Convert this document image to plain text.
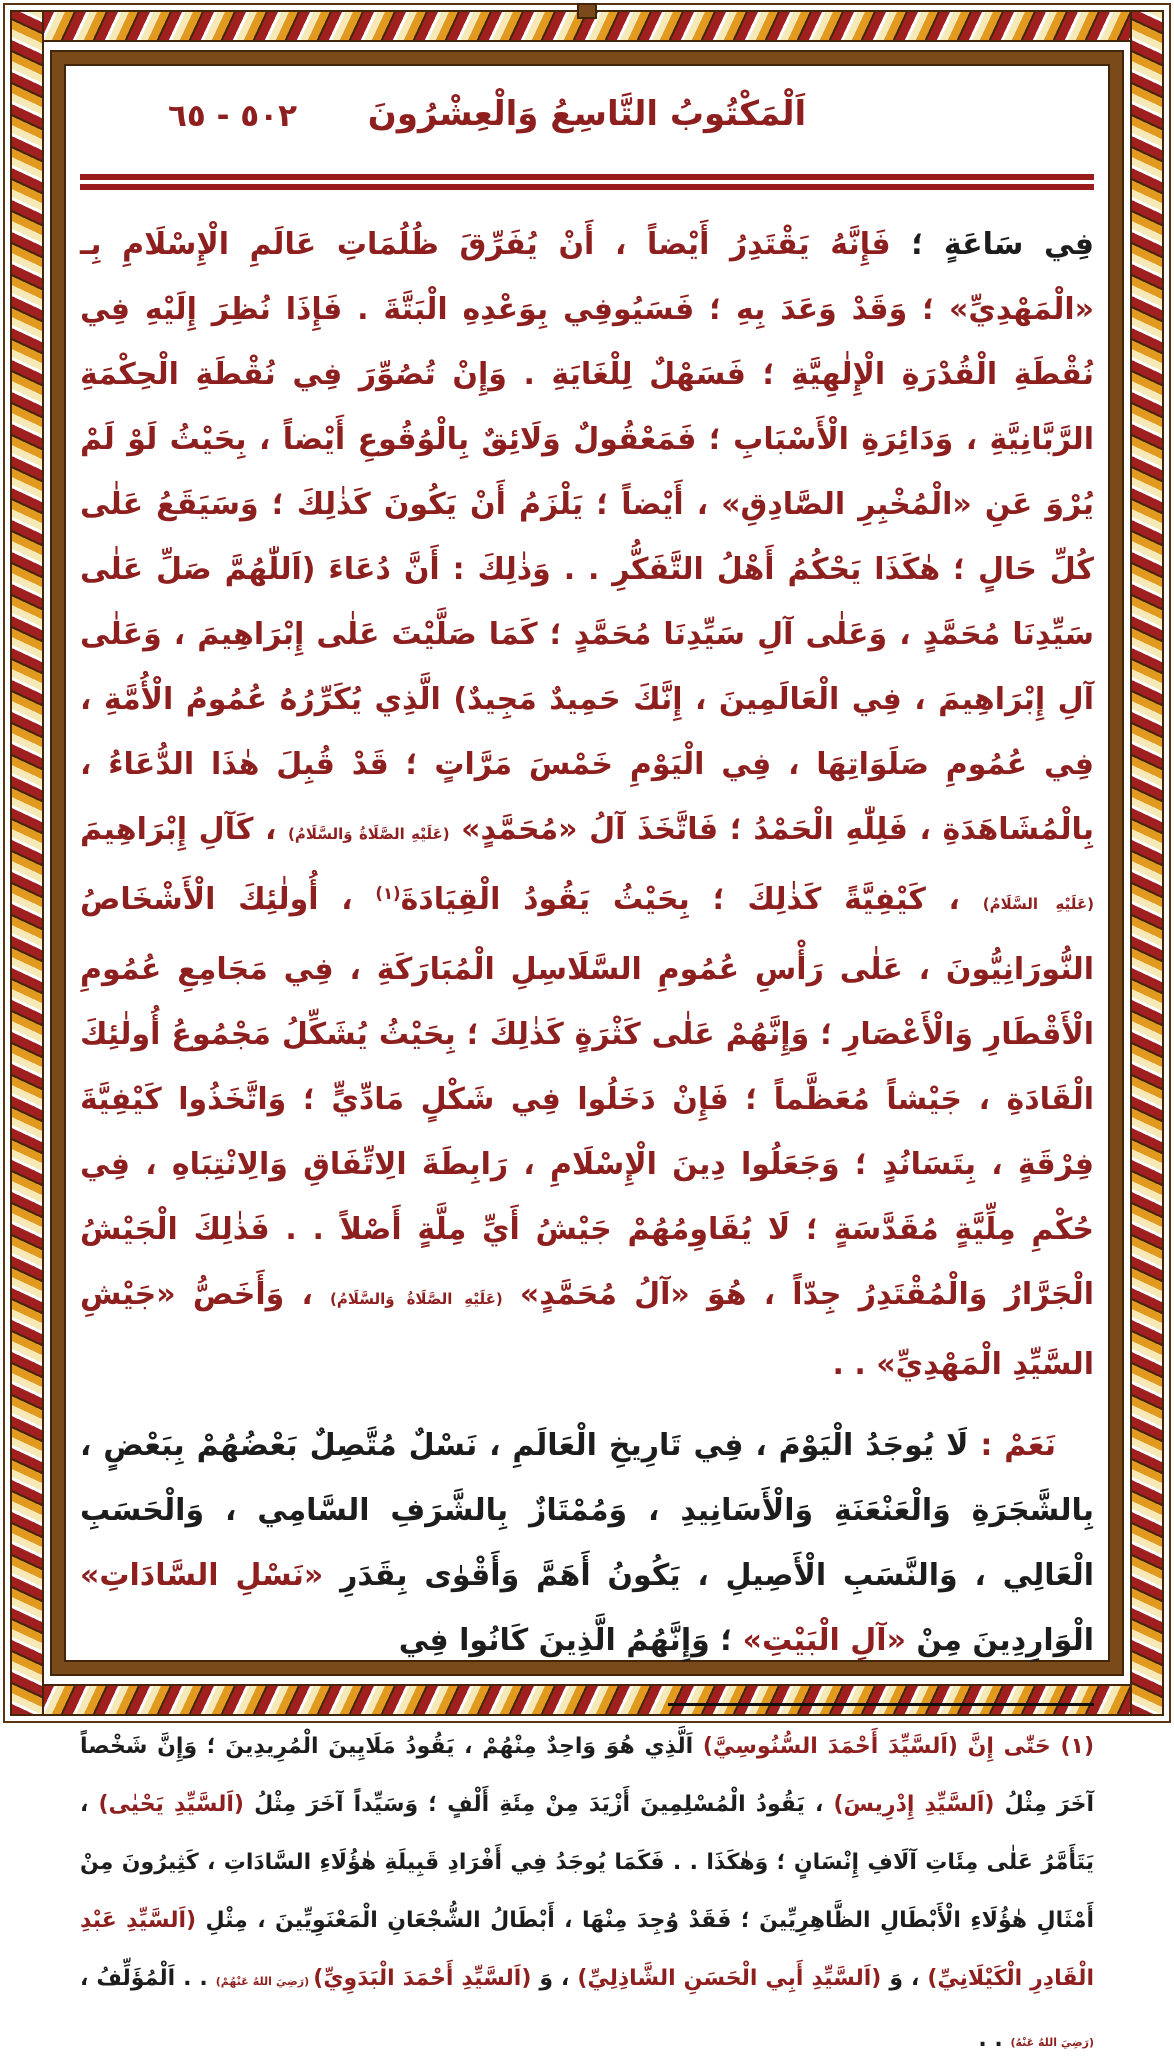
٥٠٢ - ٦٥	اَلْمَكْتُوبُ التَّاسِعُ وَالْعِشْرُونَ

فِي سَاعَةٍ ؛ فَإِنَّهُ يَقْتَدِرُ أَيْضاً ، أَنْ يُفَرِّقَ ظُلُمَاتِ عَالَمِ الْإِسْلَامِ بِـ «الْمَهْدِيِّ» ؛ وَقَدْ وَعَدَ بِهِ ؛ فَسَيُوفِي بِوَعْدِهِ الْبَتَّةَ . فَإِذَا نُظِرَ إِلَيْهِ فِي نُقْطَةِ الْقُدْرَةِ الْإِلٰهِيَّةِ ؛ فَسَهْلٌ لِلْغَايَةِ . وَإِنْ تُصُوِّرَ فِي نُقْطَةِ الْحِكْمَةِ الرَّبَّانِيَّةِ ، وَدَائِرَةِ الْأَسْبَابِ ؛ فَمَعْقُولٌ وَلَائِقٌ بِالْوُقُوعِ أَيْضاً ، بِحَيْثُ لَوْ لَمْ يُرْوَ عَنِ «الْمُخْبِرِ الصَّادِقِ» ، أَيْضاً ؛ يَلْزَمُ أَنْ يَكُونَ كَذٰلِكَ ؛ وَسَيَقَعُ عَلٰى كُلِّ حَالٍ ؛ هٰكَذَا يَحْكُمُ أَهْلُ التَّفَكُّرِ . . وَذٰلِكَ : أَنَّ دُعَاءَ (اَللّٰهُمَّ صَلِّ عَلٰى سَيِّدِنَا مُحَمَّدٍ ، وَعَلٰى آلِ سَيِّدِنَا مُحَمَّدٍ ؛ كَمَا صَلَّيْتَ عَلٰى إِبْرَاهِيمَ ، وَعَلٰى آلِ إِبْرَاهِيمَ ، فِي الْعَالَمِينَ ، إِنَّكَ حَمِيدٌ مَجِيدٌ) الَّذِي يُكَرِّرُهُ عُمُومُ الْأُمَّةِ ، فِي عُمُومِ صَلَوَاتِهَا ، فِي الْيَوْمِ خَمْسَ مَرَّاتٍ ؛ قَدْ قُبِلَ هٰذَا الدُّعَاءُ ، بِالْمُشَاهَدَةِ ، فَلِلّٰهِ الْحَمْدُ ؛ فَاتَّخَذَ آلُ «مُحَمَّدٍ» (عَلَيْهِ الصَّلَاةُ وَالسَّلَامُ) ، كَآلِ إِبْرَاهِيمَ (عَلَيْهِ السَّلَامُ) ، كَيْفِيَّةً كَذٰلِكَ ؛ بِحَيْثُ يَقُودُ الْقِيَادَةَ$^{(١)}$ ، أُولٰئِكَ الْأَشْخَاصُ النُّورَانِيُّونَ ، عَلٰى رَأْسِ عُمُومِ السَّلَاسِلِ الْمُبَارَكَةِ ، فِي مَجَامِعِ عُمُومِ الْأَقْطَارِ وَالْأَعْصَارِ ؛ وَإِنَّهُمْ عَلٰى كَثْرَةٍ كَذٰلِكَ ؛ بِحَيْثُ يُشَكِّلُ مَجْمُوعُ أُولٰئِكَ الْقَادَةِ ، جَيْشاً مُعَظَّماً ؛ فَإِنْ دَخَلُوا فِي شَكْلٍ مَادِّيٍّ ؛ وَاتَّخَذُوا كَيْفِيَّةَ فِرْقَةٍ ، بِتَسَانُدٍ ؛ وَجَعَلُوا دِينَ الْإِسْلَامِ ، رَابِطَةَ الِاتِّفَاقِ وَالِانْتِبَاهِ ، فِي حُكْمِ مِلِّيَّةٍ مُقَدَّسَةٍ ؛ لَا يُقَاوِمُهُمْ جَيْشُ أَيِّ مِلَّةٍ أَصْلاً . . فَذٰلِكَ الْجَيْشُ الْجَرَّارُ وَالْمُقْتَدِرُ جِدّاً ، هُوَ «آلُ مُحَمَّدٍ» (عَلَيْهِ الصَّلَاةُ وَالسَّلَامُ) ، وَأَخَصُّ «جَيْشِ السَّيِّدِ الْمَهْدِيِّ» . .

نَعَمْ : لَا يُوجَدُ الْيَوْمَ ، فِي تَارِيخِ الْعَالَمِ ، نَسْلٌ مُتَّصِلٌ بَعْضُهُمْ بِبَعْضٍ ، بِالشَّجَرَةِ وَالْعَنْعَنَةِ وَالْأَسَانِيدِ ، وَمُمْتَازٌ بِالشَّرَفِ السَّامِي ، وَالْحَسَبِ الْعَالِي ، وَالنَّسَبِ الْأَصِيلِ ، يَكُونُ أَهَمَّ وَأَقْوٰى بِقَدَرِ «نَسْلِ السَّادَاتِ» الْوَارِدِينَ مِنْ «آلِ الْبَيْتِ» ؛ وَإِنَّهُمُ الَّذِينَ كَانُوا فِي

(١) حَتّٰى إِنَّ (اَلسَّيِّدَ أَحْمَدَ السُّنُوسِيَّ) اَلَّذِي هُوَ وَاحِدٌ مِنْهُمْ ، يَقُودُ مَلَايِينَ الْمُرِيدِينَ ؛ وَإِنَّ شَخْصاً آخَرَ مِثْلُ (اَلسَّيِّدِ إِدْرِيسَ) ، يَقُودُ الْمُسْلِمِينَ أَزْيَدَ مِنْ مِئَةِ أَلْفٍ ؛ وَسَيِّداً آخَرَ مِثْلُ (اَلسَّيِّدِ يَحْيٰى) ، يَتَأَمَّرُ عَلٰى مِئَاتِ آلَافِ إِنْسَانٍ ؛ وَهٰكَذَا . . فَكَمَا يُوجَدُ فِي أَفْرَادِ قَبِيلَةِ هٰؤُلَاءِ السَّادَاتِ ، كَثِيرُونَ مِنْ أَمْثَالِ هٰؤُلَاءِ الْأَبْطَالِ الظَّاهِرِيِّينَ ؛ فَقَدْ وُجِدَ مِنْهَا ، أَبْطَالُ الشُّجْعَانِ الْمَعْنَوِيِّينَ ، مِثْلِ (اَلسَّيِّدِ عَبْدِ الْقَادِرِ الْكَيْلَانِيِّ) ، وَ (اَلسَّيِّدِ أَبِي الْحَسَنِ الشَّاذِلِيِّ) ، وَ (اَلسَّيِّدِ أَحْمَدَ الْبَدَوِيِّ) (رَضِيَ اللهُ عَنْهُمْ) . . اَلْمُؤَلِّفُ ، (رَضِيَ اللهُ عَنْهُ) . .
